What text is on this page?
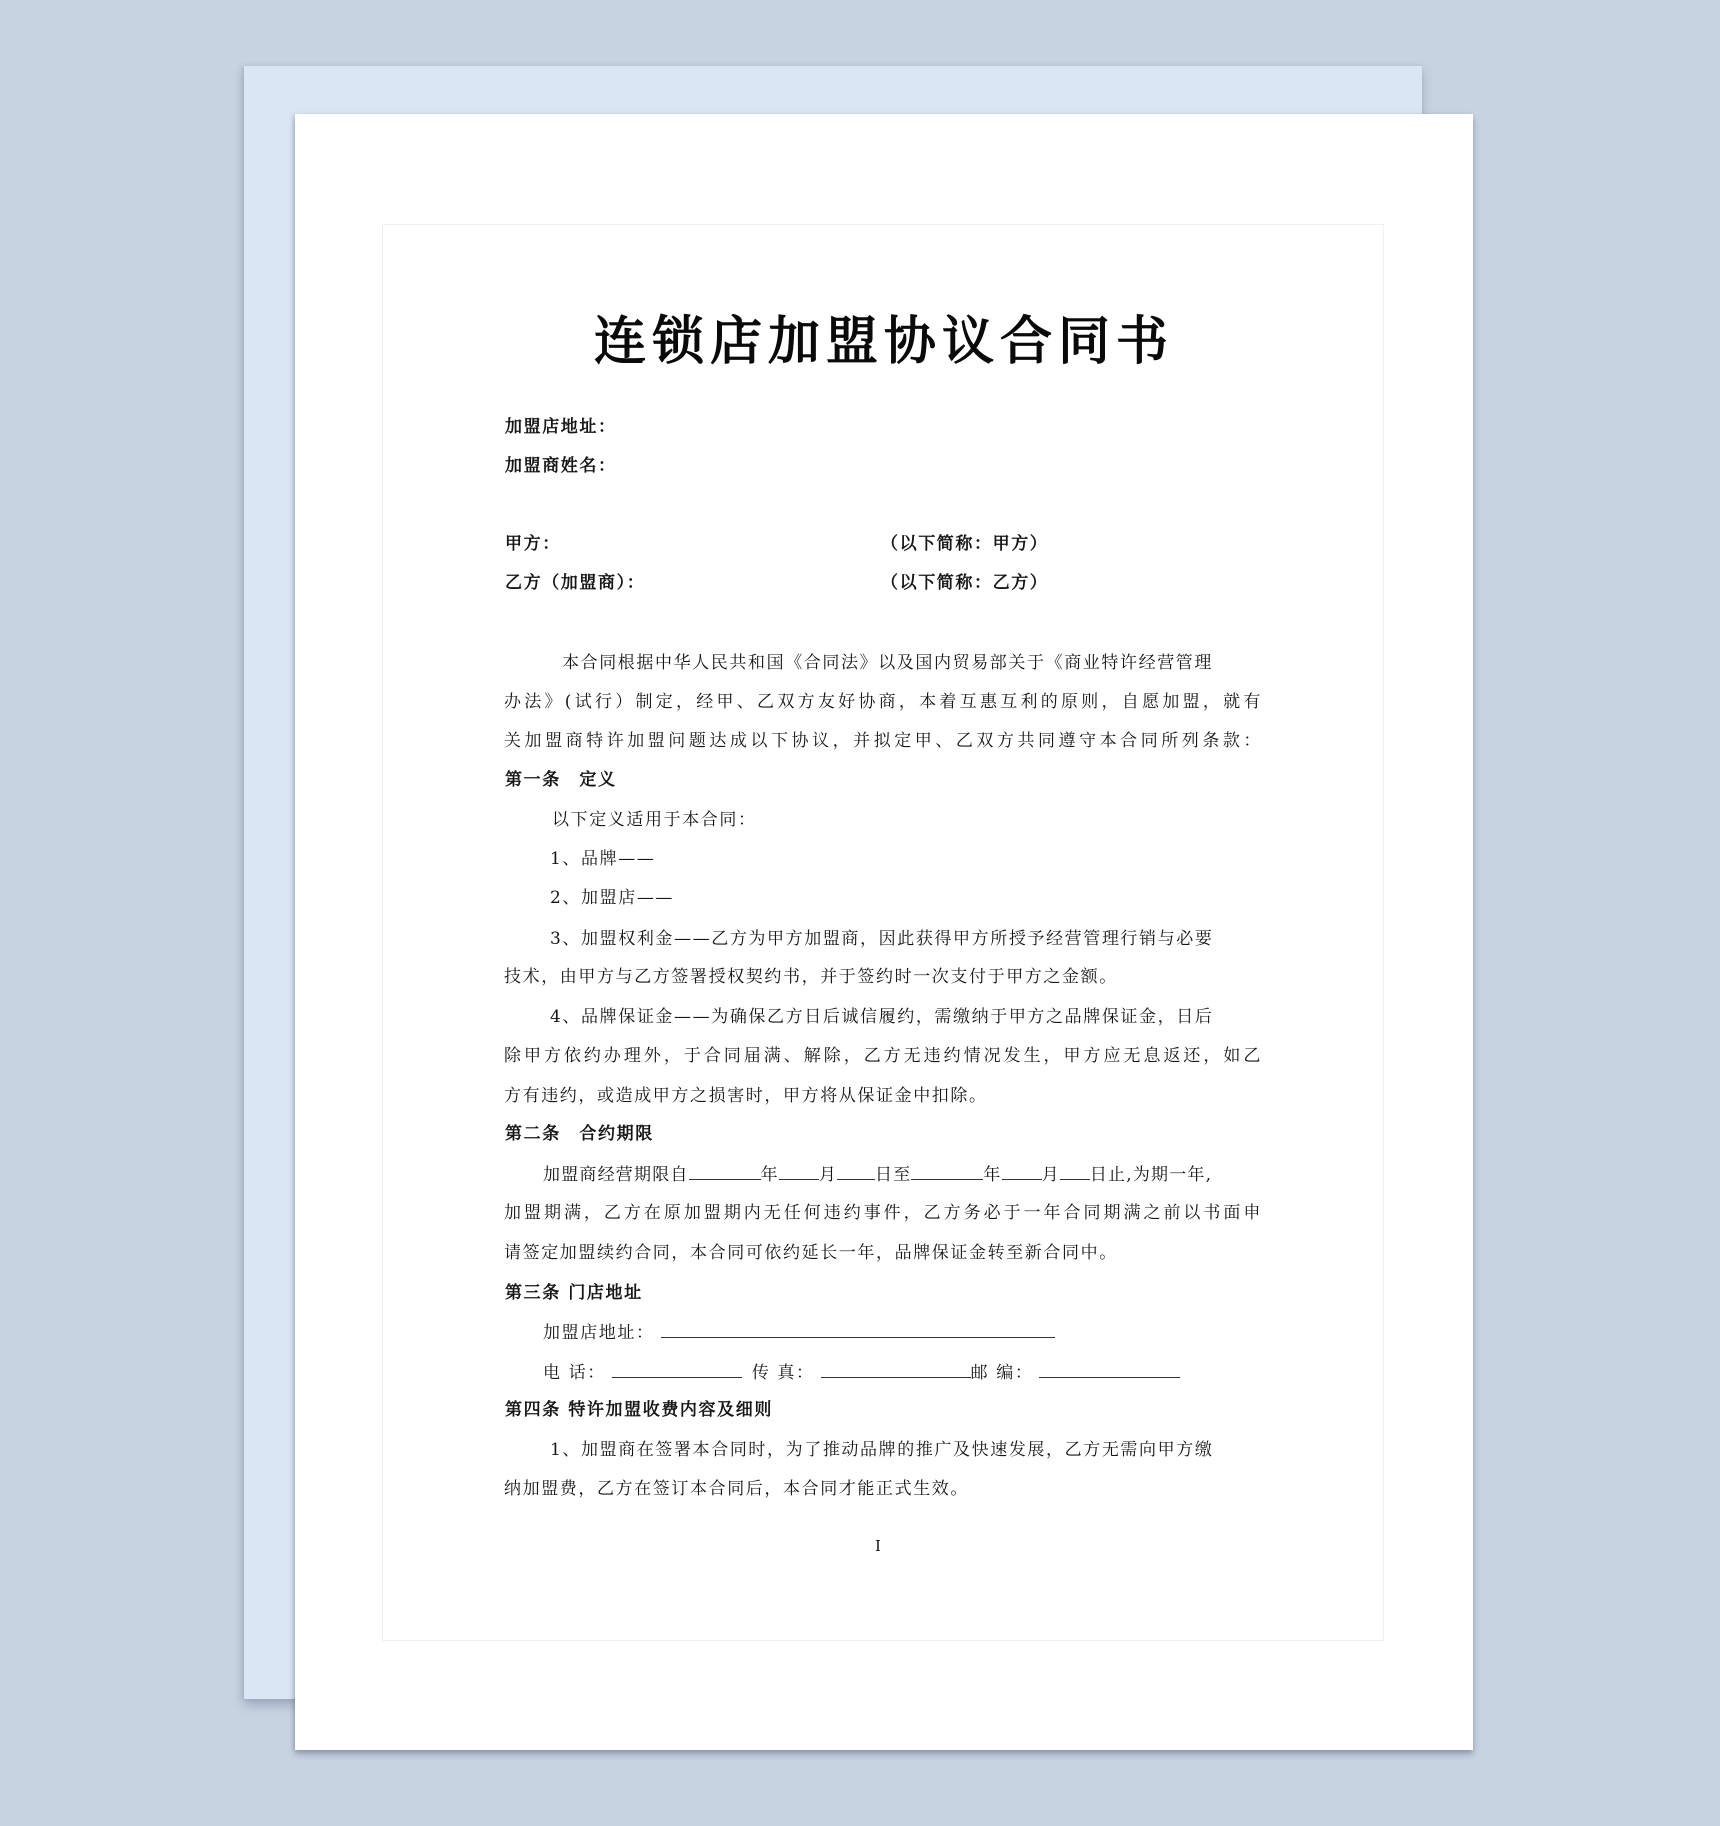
连锁店加盟协议合同书
加盟店地址：
加盟商姓名：
甲方：	（以下简称：甲方）
乙方（加盟商）：	（以下简称：乙方）
本合同根据中华人民共和国《合同法》以及国内贸易部关于《商业特许经营管理
办法》(试行）制定，经甲、乙双方友好协商，本着互惠互利的原则，自愿加盟，就有
关加盟商特许加盟问题达成以下协议，并拟定甲、乙双方共同遵守本合同所列条款：
第一条　定义
以下定义适用于本合同：
1、品牌——
2、加盟店——
3、加盟权利金——乙方为甲方加盟商，因此获得甲方所授予经营管理行销与必要
技术，由甲方与乙方签署授权契约书，并于签约时一次支付于甲方之金额。
4、品牌保证金——为确保乙方日后诚信履约，需缴纳于甲方之品牌保证金，日后
除甲方依约办理外，于合同届满、解除，乙方无违约情况发生，甲方应无息返还，如乙
方有违约，或造成甲方之损害时，甲方将从保证金中扣除。
第二条　合约期限
加盟商经营期限自	年 月 日至	年 月 日止,为期一年,
加盟期满，乙方在原加盟期内无任何违约事件，乙方务必于一年合同期满之前以书面申
请签定加盟续约合同，本合同可依约延长一年，品牌保证金转至新合同中。
第三条 门店地址
加盟店地址：
电 话：	传 真：	邮 编：
第四条 特许加盟收费内容及细则
1、加盟商在签署本合同时，为了推动品牌的推广及快速发展，乙方无需向甲方缴
纳加盟费，乙方在签订本合同后，本合同才能正式生效。
I
